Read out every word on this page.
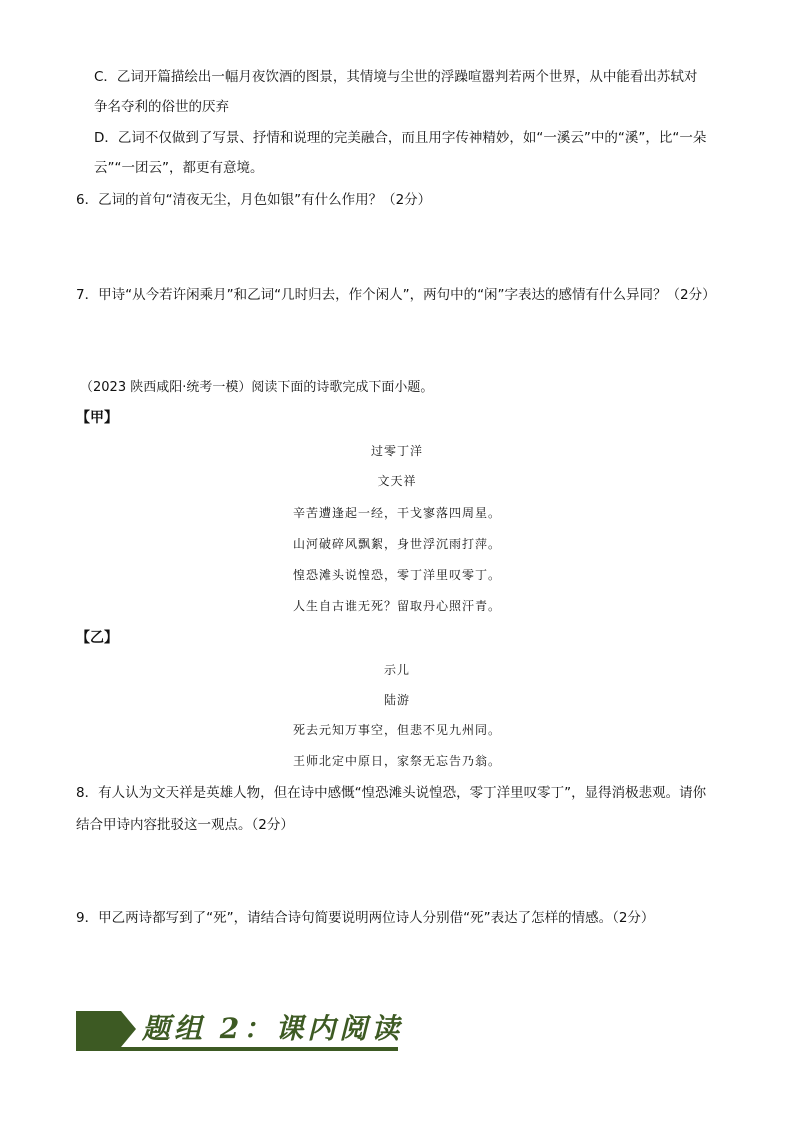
C．乙词开篇描绘出一幅月夜饮酒的图景，其情境与尘世的浮躁喧嚣判若两个世界，从中能看出苏轼对
争名夺利的俗世的厌弃
D．乙词不仅做到了写景、抒情和说理的完美融合，而且用字传神精妙，如“一溪云”中的“溪”，比“一朵
云”“一团云”，都更有意境。
6．乙词的首句“清夜无尘，月色如银”有什么作用？（2分）
7．甲诗“从今若许闲乘月”和乙词“几时归去，作个闲人”，两句中的“闲”字表达的感情有什么异同？（2分）
（2023 陕西咸阳·统考一模）阅读下面的诗歌完成下面小题。
【甲】
过零丁洋
文天祥
辛苦遭逢起一经，干戈寥落四周星。
山河破碎风飘絮，身世浮沉雨打萍。
惶恐滩头说惶恐，零丁洋里叹零丁。
人生自古谁无死？留取丹心照汗青。
【乙】
示儿
陆游
死去元知万事空，但悲不见九州同。
王师北定中原日，家祭无忘告乃翁。
8．有人认为文天祥是英雄人物，但在诗中感慨“惶恐滩头说惶恐，零丁洋里叹零丁”，显得消极悲观。请你
结合甲诗内容批驳这一观点。（2分）
9．甲乙两诗都写到了“死”，请结合诗句简要说明两位诗人分别借“死”表达了怎样的情感。（2分）
题组 2：课内阅读
